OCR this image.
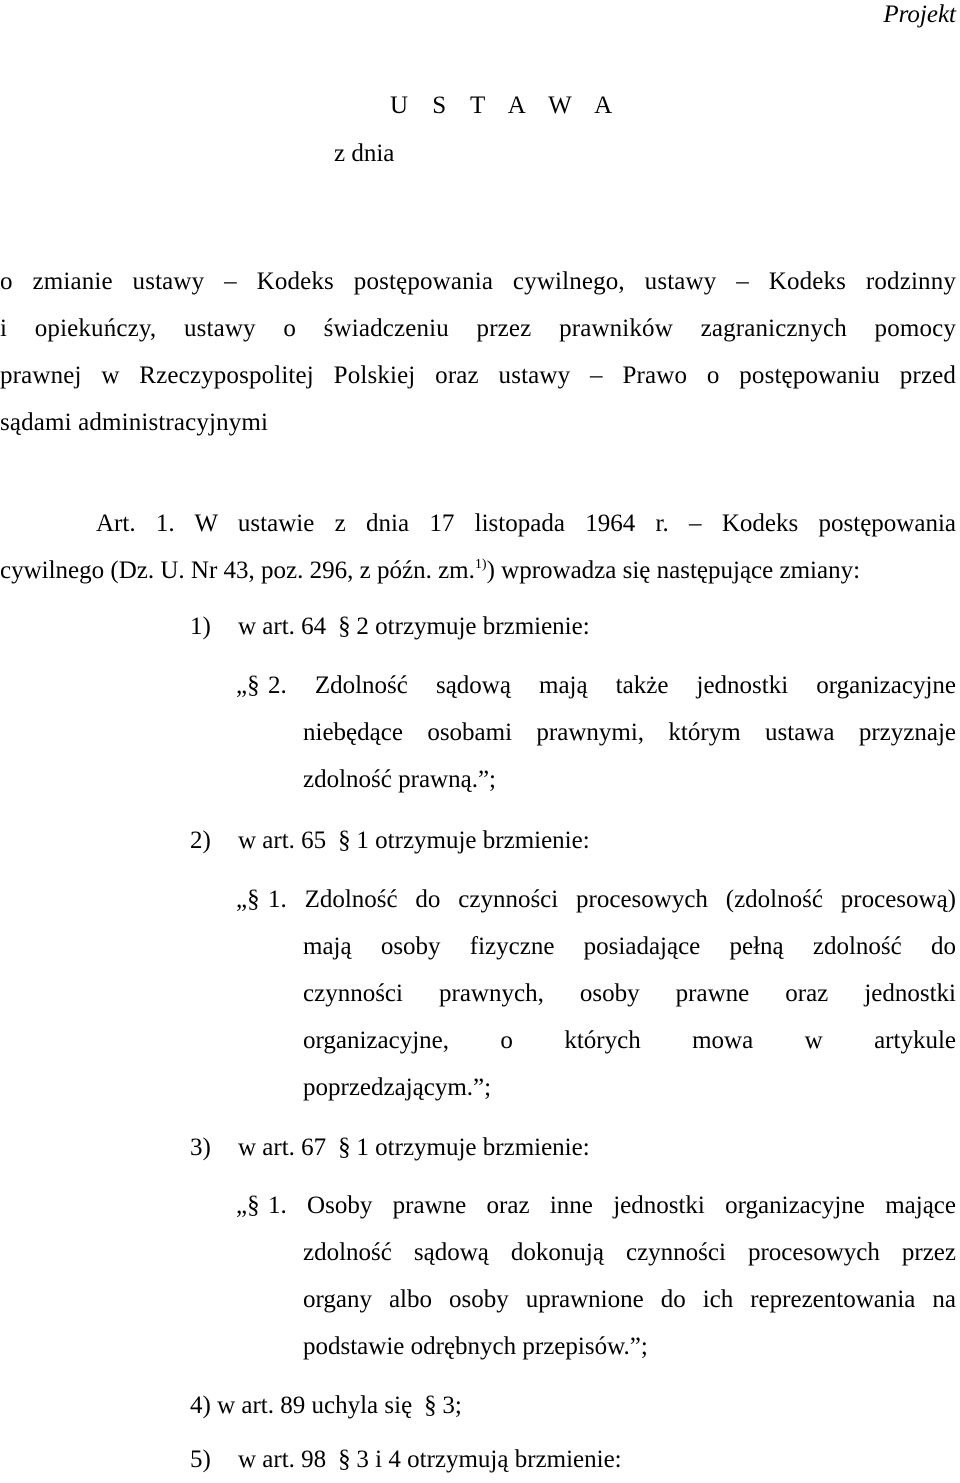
Projekt
U S T A W A
z dnia
o zmianie ustawy – Kodeks postępowania cywilnego, ustawy – Kodeks rodzinny
i opiekuńczy, ustawy o świadczeniu przez prawników zagranicznych pomocy
prawnej w Rzeczypospolitej Polskiej oraz ustawy – Prawo o postępowaniu przed
sądami administracyjnymi
Art. 1. W ustawie z dnia 17 listopada 1964 r. – Kodeks postępowania
cywilnego (Dz. U. Nr 43, poz. 296, z późn. zm.$^{1)}$) wprowadza się następujące zmiany:
1) w art. 64 § 2 otrzymuje brzmienie:
„§ 2. Zdolność sądową mają także jednostki organizacyjne
niebędące osobami prawnymi, którym ustawa przyznaje
zdolność prawną.”;
2) w art. 65 § 1 otrzymuje brzmienie:
„§ 1. Zdolność do czynności procesowych (zdolność procesową)
mają osoby fizyczne posiadające pełną zdolność do
czynności prawnych, osoby prawne oraz jednostki
organizacyjne, o których mowa w artykule
poprzedzającym.”;
3) w art. 67 § 1 otrzymuje brzmienie:
„§ 1. Osoby prawne oraz inne jednostki organizacyjne mające
zdolność sądową dokonują czynności procesowych przez
organy albo osoby uprawnione do ich reprezentowania na
podstawie odrębnych przepisów.”;
4) w art. 89 uchyla się § 3;
5) w art. 98 § 3 i 4 otrzymują brzmienie:
